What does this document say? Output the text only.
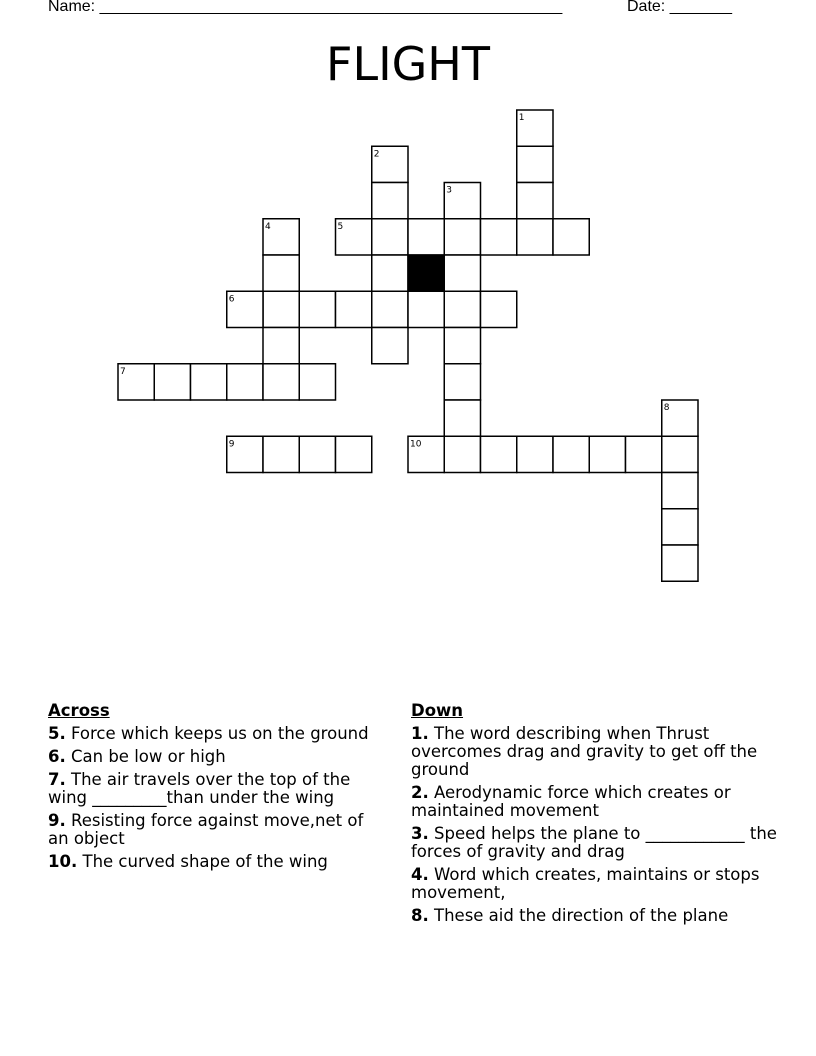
Name: ____________________________________________________	Date: _______
FLIGHT
1
2
3
4	5
6
7
8
9	10
Across
5. Force which keeps us on the ground
6. Can be low or high
7. The air travels over the top of the wing _________than under the wing
9. Resisting force against move,net of an object
10. The curved shape of the wing
Down
1. The word describing when Thrust overcomes drag and gravity to get off the ground
2. Aerodynamic force which creates or maintained movement
3. Speed helps the plane to ____________ the forces of gravity and drag
4. Word which creates, maintains or stops movement,
8. These aid the direction of the plane
